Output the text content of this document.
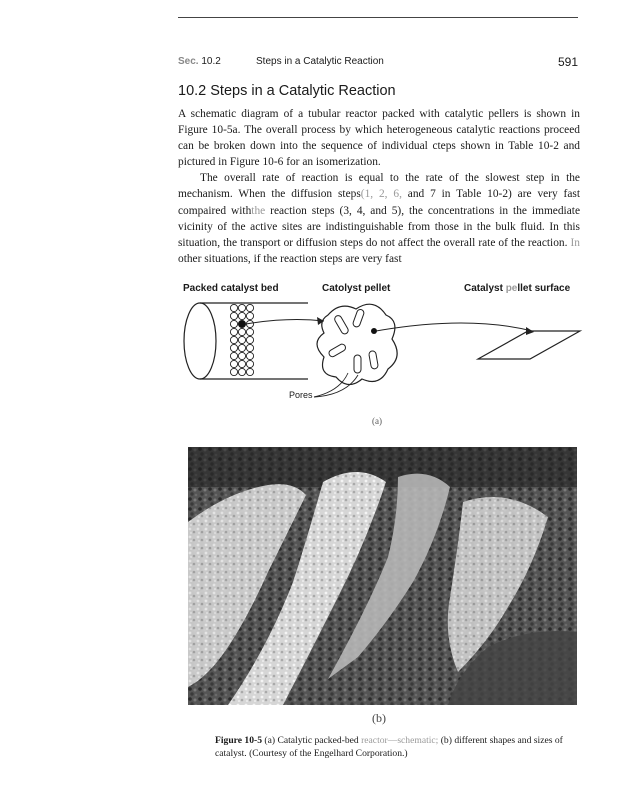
Sec. 10.2	Steps in a Catalytic Reaction	591
10.2 Steps in a Catalytic Reaction

A schematic diagram of a tubular reactor packed with catalytic pellers is shown in Figure 10-5a. The overall process by which heterogeneous catalytic reactions proceed can be broken down into the sequence of individual cteps shown in Table 10-2 and pictured in Figure 10-6 for an isomerization.

The overall rate of reaction is equal to the rate of the slowest step in the mechanism. When the diffusion steps(1, 2, 6, and 7 in Table 10-2) are very fast compaired withthe reaction steps (3, 4, and 5), the concentrations in the immediate vicinity of the active sites are indistinguishable from those in the bulk fluid. In this situation, the transport or diffusion steps do not affect the overall rate of the reaction. In other situations, if the reaction steps are very fast

Packed catalyst bed	Catolyst pellet	Catalyst pellet surface
Pores
(a)
(b)
Figure 10-5 (a) Catalytic packed-bed reactor—schematic; (b) different shapes and sizes of catalyst. (Courtesy of the Engelhard Corporation.)
